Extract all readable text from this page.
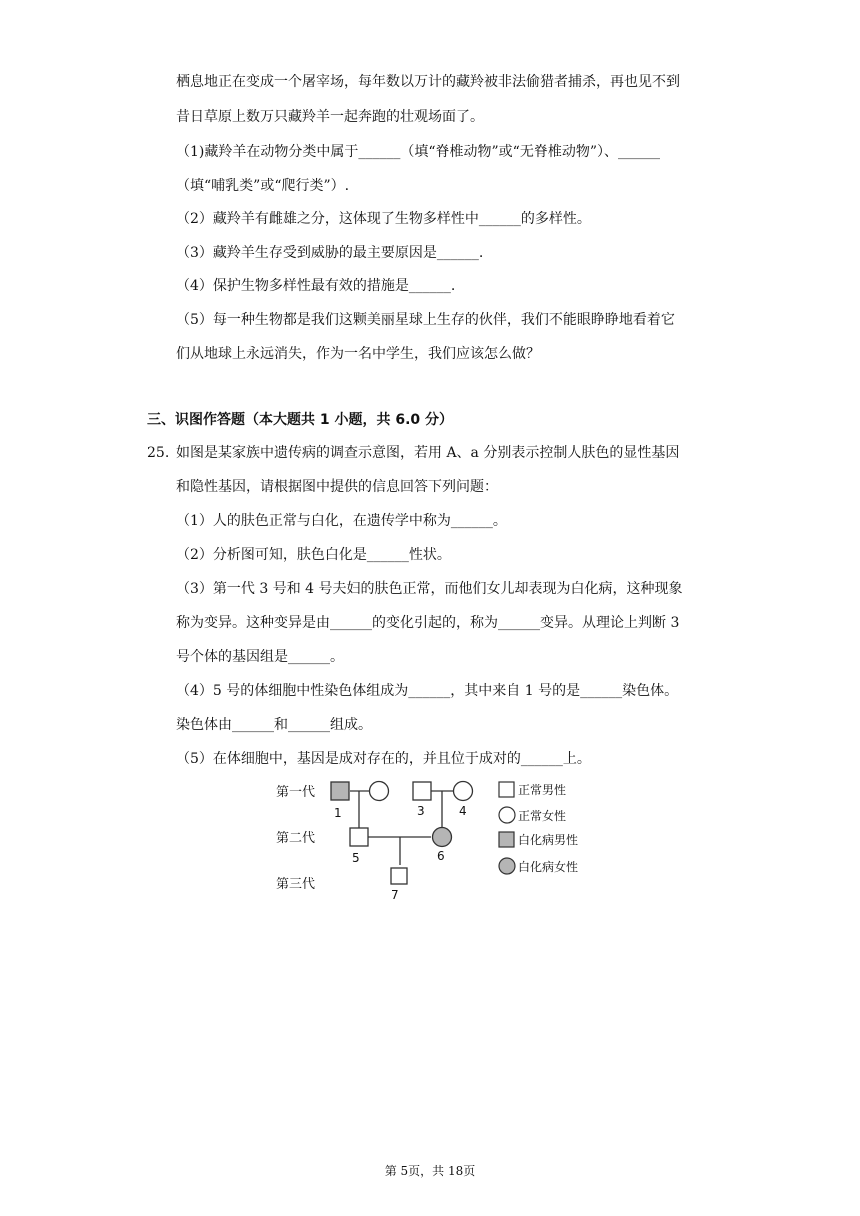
栖息地正在变成一个屠宰场，每年数以万计的藏羚被非法偷猎者捕杀，再也见不到
昔日草原上数万只藏羚羊一起奔跑的壮观场面了。
（1)藏羚羊在动物分类中属于______（填“脊椎动物”或“无脊椎动物”）、______
（填“哺乳类”或“爬行类”）.
（2）藏羚羊有雌雄之分，这体现了生物多样性中______的多样性。
（3）藏羚羊生存受到威胁的最主要原因是______.
（4）保护生物多样性最有效的措施是______.
（5）每一种生物都是我们这颗美丽星球上生存的伙伴，我们不能眼睁睁地看着它
们从地球上永远消失，作为一名中学生，我们应该怎么做？
三、识图作答题（本大题共 1 小题，共 6.0 分）
25. 如图是某家族中遗传病的调查示意图，若用 A、a 分别表示控制人肤色的显性基因
和隐性基因，请根据图中提供的信息回答下列问题：
（1）人的肤色正常与白化，在遗传学中称为______。
（2）分析图可知，肤色白化是______性状。
（3）第一代 3 号和 4 号夫妇的肤色正常，而他们女儿却表现为白化病，这种现象
称为变异。这种变异是由______的变化引起的，称为______变异。从理论上判断 3
号个体的基因组是______。
（4）5 号的体细胞中性染色体组成为______，其中来自 1 号的是______染色体。
染色体由______和______组成。
（5）在体细胞中，基因是成对存在的，并且位于成对的______上。
第一代
第二代
第三代
1	3	4
5	6
7
正常男性
正常女性
白化病男性
白化病女性
第 5页，共 18页
